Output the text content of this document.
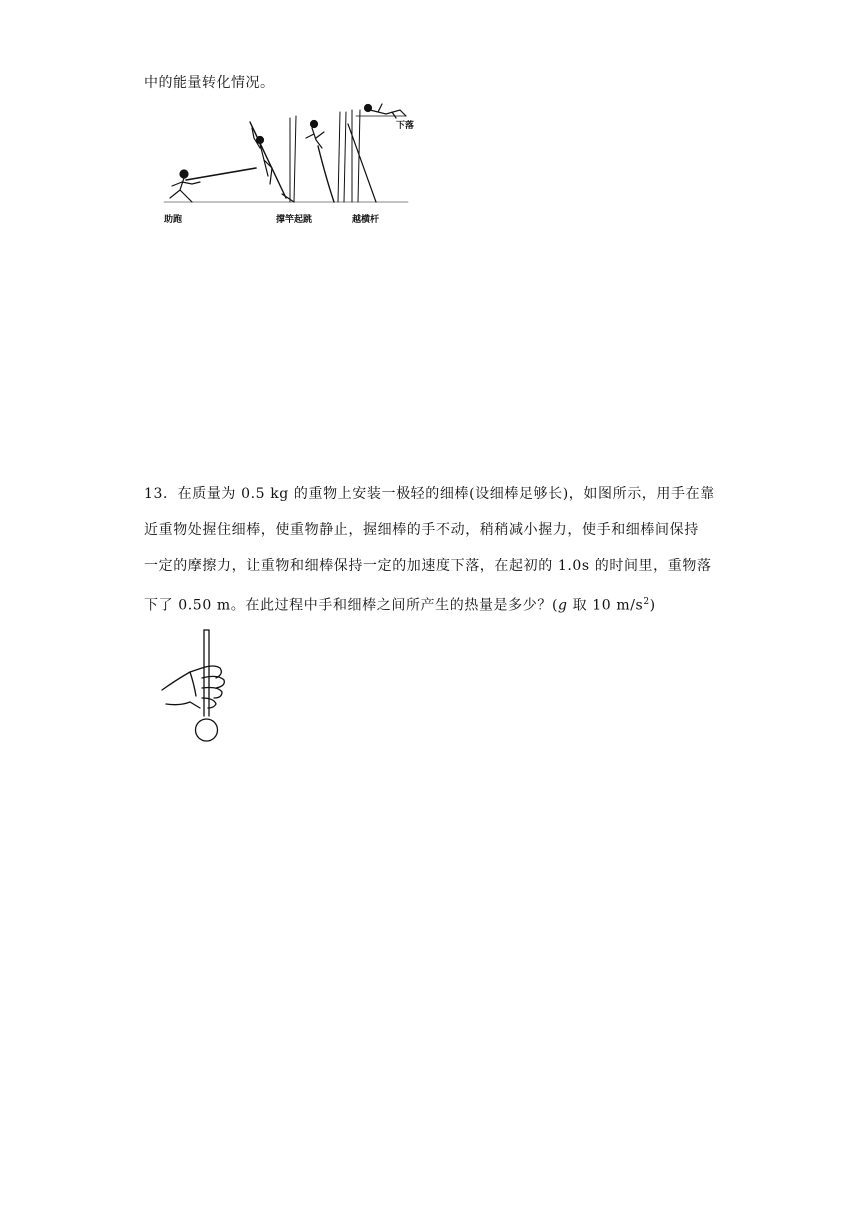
中的能量转化情况。
助跑	撑竿起跳	越横杆
下落

13．在质量为 0.5 kg 的重物上安装一极轻的细棒(设细棒足够长)，如图所示，用手在靠

近重物处握住细棒，使重物静止，握细棒的手不动，稍稍减小握力，使手和细棒间保持

一定的摩擦力，让重物和细棒保持一定的加速度下落，在起初的 1.0s 的时间里，重物落

下了 0.50 m。在此过程中手和细棒之间所产生的热量是多少？(g 取 10 $m/s^2$)
